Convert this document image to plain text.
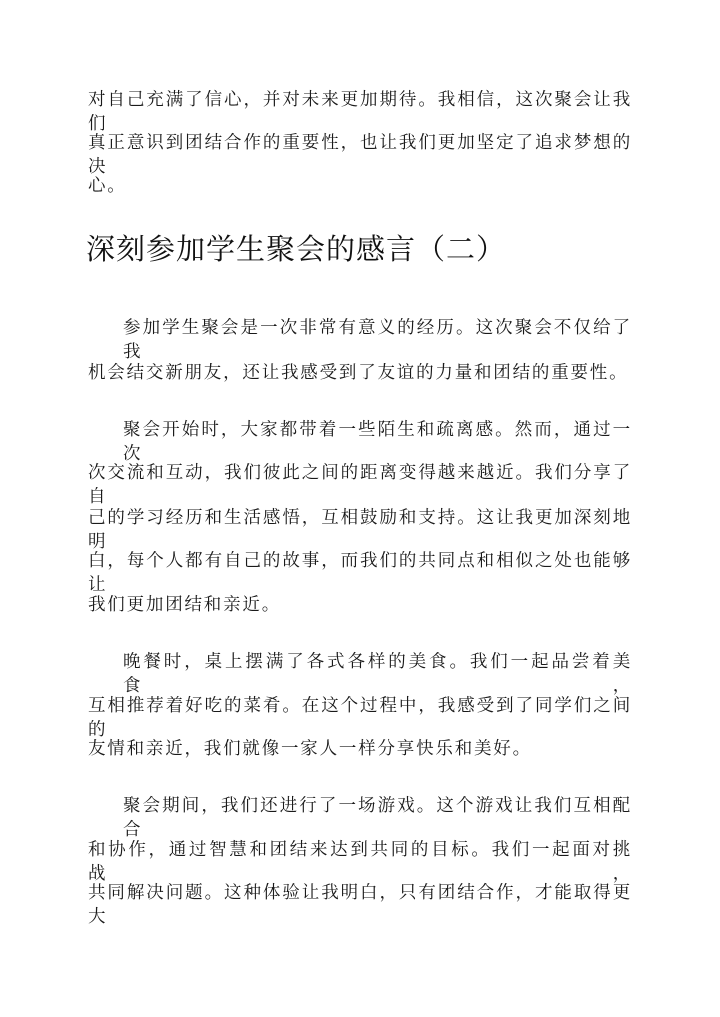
对自己充满了信心，并对未来更加期待。我相信，这次聚会让我们
真正意识到团结合作的重要性，也让我们更加坚定了追求梦想的决
心。
深刻参加学生聚会的感言（二）
参加学生聚会是一次非常有意义的经历。这次聚会不仅给了我
机会结交新朋友，还让我感受到了友谊的力量和团结的重要性。
聚会开始时，大家都带着一些陌生和疏离感。然而，通过一次
次交流和互动，我们彼此之间的距离变得越来越近。我们分享了自
己的学习经历和生活感悟，互相鼓励和支持。这让我更加深刻地明
白，每个人都有自己的故事，而我们的共同点和相似之处也能够让
我们更加团结和亲近。
晚餐时，桌上摆满了各式各样的美食。我们一起品尝着美食，
互相推荐着好吃的菜肴。在这个过程中，我感受到了同学们之间的
友情和亲近，我们就像一家人一样分享快乐和美好。
聚会期间，我们还进行了一场游戏。这个游戏让我们互相配合
和协作，通过智慧和团结来达到共同的目标。我们一起面对挑战，
共同解决问题。这种体验让我明白，只有团结合作，才能取得更大
